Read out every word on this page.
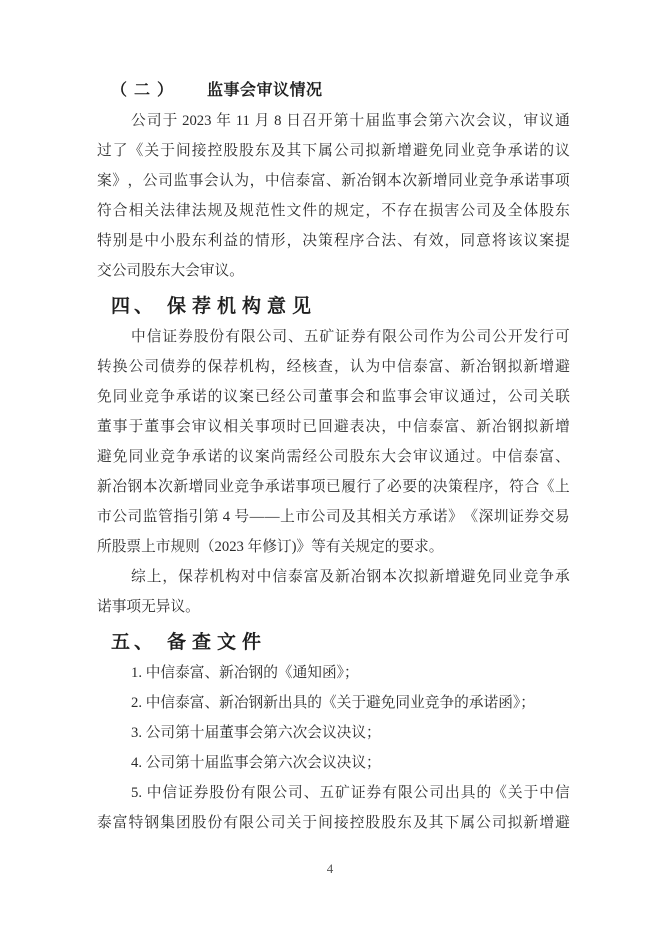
（二） 监事会审议情况
公 司 于 2023 年 11 月 8 日 召 开 第 十 届 监 事 会 第 六 次 会 议 ， 审 议 通
过 了 《 关 于 间 接 控 股 股 东 及 其 下 属 公 司 拟 新 增 避 免 同 业 竞 争 承 诺 的 议
案 》 ， 公 司 监 事 会 认 为 ， 中 信 泰 富 、 新 冶 钢 本 次 新 增 同 业 竞 争 承 诺 事 项
符 合 相 关 法 律 法 规 及 规 范 性 文 件 的 规 定 ， 不 存 在 损 害 公 司 及 全 体 股 东
特 别 是 中 小 股 东 利 益 的 情 形 ， 决 策 程 序 合 法 、 有 效 ， 同 意 将 该 议 案 提
交公司股东大会审议。
四、 保荐机构意见
中 信 证 券 股 份 有 限 公 司 、 五 矿 证 券 有 限 公 司 作 为 公 司 公 开 发 行 可
转 换 公 司 债 券 的 保 荐 机 构 ， 经 核 查 ， 认 为 中 信 泰 富 、 新 冶 钢 拟 新 增 避
免 同 业 竞 争 承 诺 的 议 案 已 经 公 司 董 事 会 和 监 事 会 审 议 通 过 ， 公 司 关 联
董 事 于 董 事 会 审 议 相 关 事 项 时 已 回 避 表 决 ， 中 信 泰 富 、 新 冶 钢 拟 新 增
避 免 同 业 竞 争 承 诺 的 议 案 尚 需 经 公 司 股 东 大 会 审 议 通 过 。 中 信 泰 富 、
新 冶 钢 本 次 新 增 同 业 竞 争 承 诺 事 项 已 履 行 了 必 要 的 决 策 程 序 ， 符 合 《 上
市 公 司 监 管 指 引 第 4 号 — — 上 市 公 司 及 其 相 关 方 承 诺 》 《 深 圳 证 券 交 易
所股票上市规则（2023 年修订)》等有关规定的要求。
综 上 ， 保 荐 机 构 对 中 信 泰 富 及 新 冶 钢 本 次 拟 新 增 避 免 同 业 竞 争 承
诺事项无异议。
五、 备查文件
1. 中信泰富、新冶钢的《通知函》；
2. 中信泰富、新冶钢新出具的《关于避免同业竞争的承诺函》；
3. 公司第十届董事会第六次会议决议；
4. 公司第十届监事会第六次会议决议；
5. 中 信 证 券 股 份 有 限 公 司 、 五 矿 证 券 有 限 公 司 出 具 的 《 关 于 中 信
泰 富 特 钢 集 团 股 份 有 限 公 司 关 于 间 接 控 股 股 东 及 其 下 属 公 司 拟 新 增 避
4
